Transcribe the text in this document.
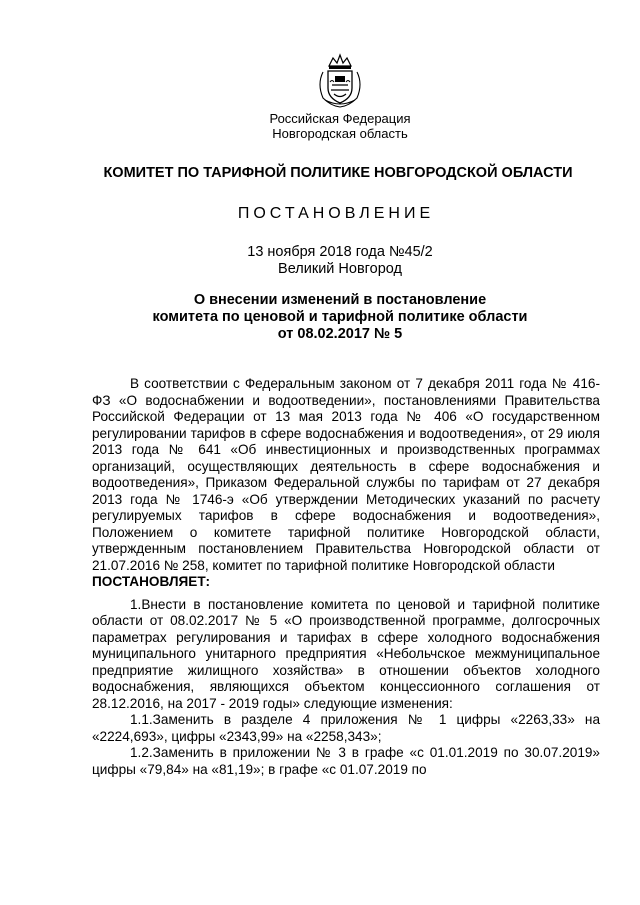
Российская Федерация
Новгородская область
КОМИТЕТ ПО ТАРИФНОЙ ПОЛИТИКЕ НОВГОРОДСКОЙ ОБЛАСТИ
ПОСТАНОВЛЕНИЕ
13 ноября 2018 года №45/2
Великий Новгород
О внесении изменений в постановление
комитета по ценовой и тарифной политике области
от 08.02.2017 № 5

В соответствии с Федеральным законом от 7 декабря 2011 года № 416-ФЗ «О водоснабжении и водоотведении», постановлениями Правительства Российской Федерации от 13 мая 2013 года № 406 «О государственном регулировании тарифов в сфере водоснабжения и водоотведения», от 29 июля 2013 года № 641 «Об инвестиционных и производственных программах организаций, осуществляющих деятельность в сфере водоснабжения и водоотведения», Приказом Федеральной службы по тарифам от 27 декабря 2013 года № 1746-э «Об утверждении Методических указаний по расчету регулируемых тарифов в сфере водоснабжения и водоотведения», Положением о комитете тарифной политике Новгородской области, утвержденным постановлением Правительства Новгородской области от 21.07.2016 № 258, комитет по тарифной политике Новгородской области

ПОСТАНОВЛЯЕТ:

1.Внести в постановление комитета по ценовой и тарифной политике области от 08.02.2017 № 5 «О производственной программе, долгосрочных параметрах регулирования и тарифах в сфере холодного водоснабжения муниципального унитарного предприятия «Небольчское межмуниципальное предприятие жилищного хозяйства» в отношении объектов холодного водоснабжения, являющихся объектом концессионного соглашения от 28.12.2016, на 2017 - 2019 годы» следующие изменения:

1.1.Заменить в разделе 4 приложения № 1 цифры «2263,33» на «2224,693», цифры «2343,99» на «2258,343»;

1.2.Заменить в приложении № 3 в графе «с 01.01.2019 по 30.07.2019» цифры «79,84» на «81,19»; в графе «с 01.07.2019 по
